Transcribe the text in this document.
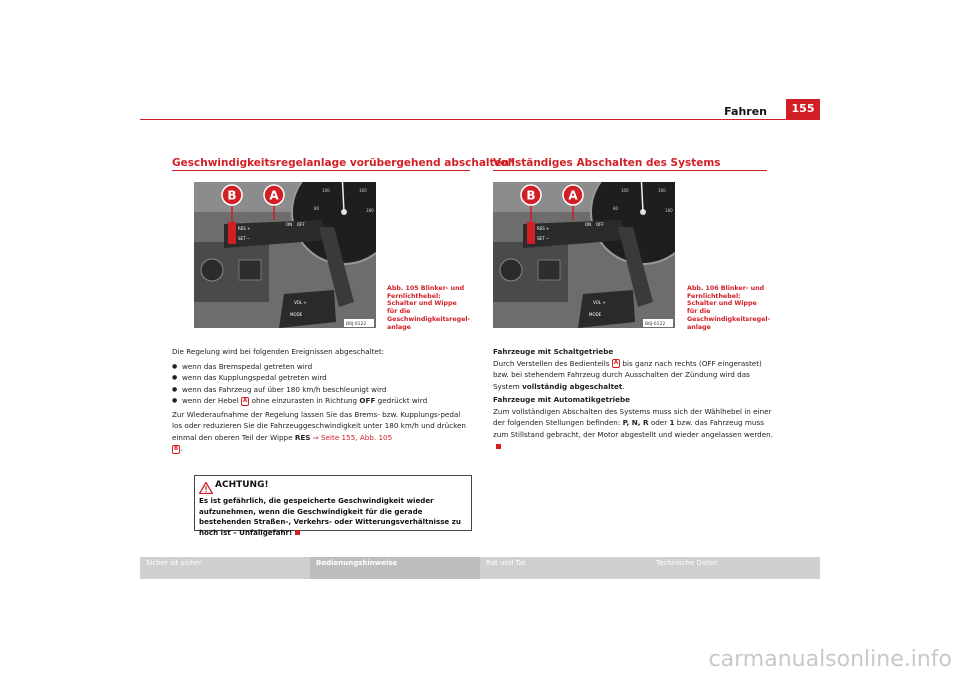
Fahren	155
Geschwindigkeitsregelanlage vorübergehend abschalten*
100	160
80	180
RES +
SET −
ON OFF
B	A
VOL +
MODE
B6J-0122
Abb. 105 Blinker- und Fernlichthebel: Schalter und Wippe für die Geschwindigkeitsregel-anlage

Die Regelung wird bei folgenden Ereignissen abgeschaltet:

● wenn das Bremspedal getreten wird

● wenn das Kupplungspedal getreten wird

● wenn das Fahrzeug auf über 180 km/h beschleunigt wird

● wenn der Hebel A ohne einzurasten in Richtung OFF gedrückt wird

Zur Wiederaufnahme der Regelung lassen Sie das Brems- bzw. Kupplungs-pedal los oder reduzieren Sie die Fahrzeuggeschwindigkeit unter 180 km/h und drücken einmal den oberen Teil der Wippe RES ⇒ Seite 155, Abb. 105
B .

ACHTUNG!
Es ist gefährlich, die gespeicherte Geschwindigkeit wieder aufzunehmen, wenn die Geschwindigkeit für die gerade bestehenden Straßen-, Verkehrs- oder Witterungsverhältnisse zu hoch ist – Unfallgefahr!
Vollständiges Abschalten des Systems
100	160
80	180
RES +
SET −
ON OFF
B	A
VOL +
MODE
B6J-0122
Abb. 106 Blinker- und Fernlichthebel: Schalter und Wippe für die Geschwindigkeitsregel-anlage

Fahrzeuge mit Schaltgetriebe

Durch Verstellen des Bedienteils A bis ganz nach rechts (OFF eingerastet) bzw. bei stehendem Fahrzeug durch Ausschalten der Zündung wird das System vollständig abgeschaltet.

Fahrzeuge mit Automatikgetriebe

Zum vollständigen Abschalten des Systems muss sich der Wählhebel in einer der folgenden Stellungen befinden: P, N, R oder 1 bzw. das Fahrzeug muss zum Stillstand gebracht, der Motor abgestellt und wieder angelassen werden.

Sicher ist sicher	Bedienungshinweise	Rat und Tat	Technische Daten
carmanualsonline.info
